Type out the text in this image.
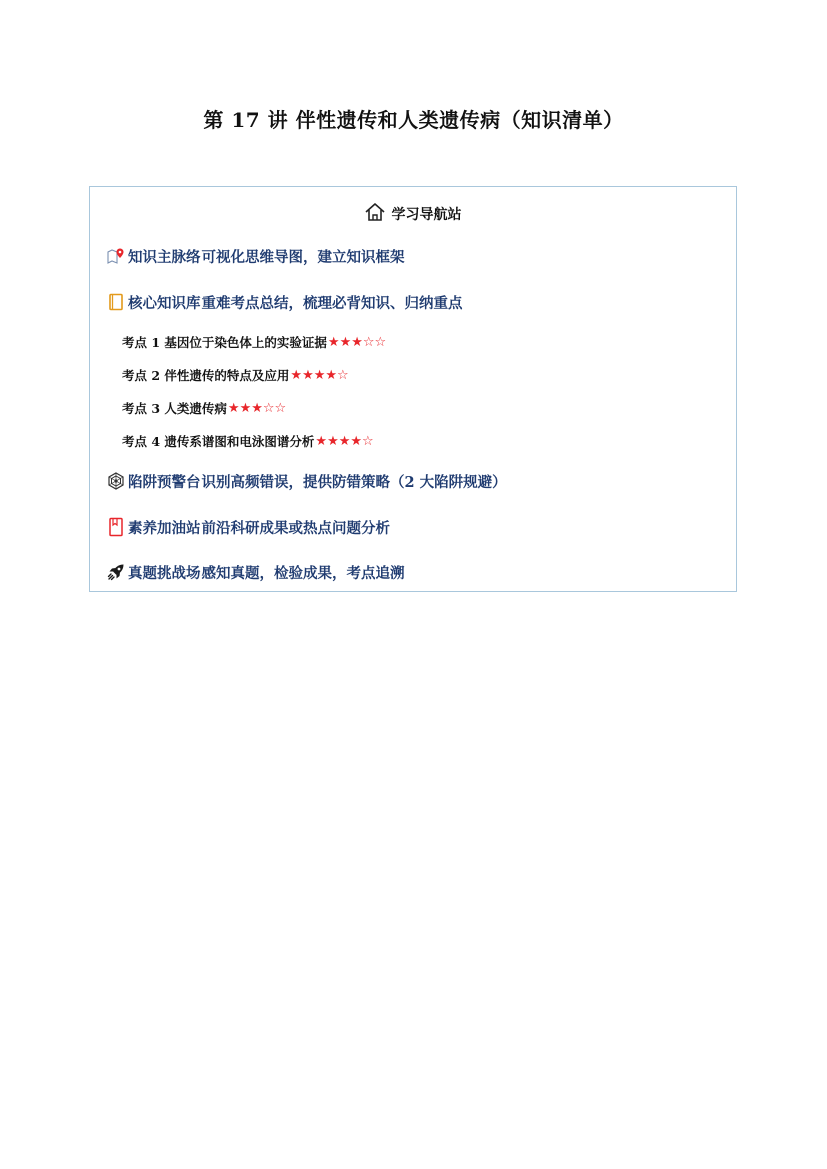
第 17 讲 伴性遗传和人类遗传病（知识清单）
学习导航站
知识主脉络 可视化思维导图，建立知识框架
核心知识库 重难考点总结，梳理必背知识、归纳重点
考点 1 基因位于染色体上的实验证据 ★ ★ ★ ☆ ☆
考点 2 伴性遗传的特点及应用 ★ ★ ★ ★ ☆
考点 3 人类遗传病 ★ ★ ★ ☆ ☆
考点 4 遗传系谱图和电泳图谱分析 ★ ★ ★ ★ ☆
陷阱预警台 识别高频错误，提供防错策略（2 大陷阱规避）
素养加油站 前沿科研成果或热点问题分析
真题挑战场 感知真题，检验成果，考点追溯
